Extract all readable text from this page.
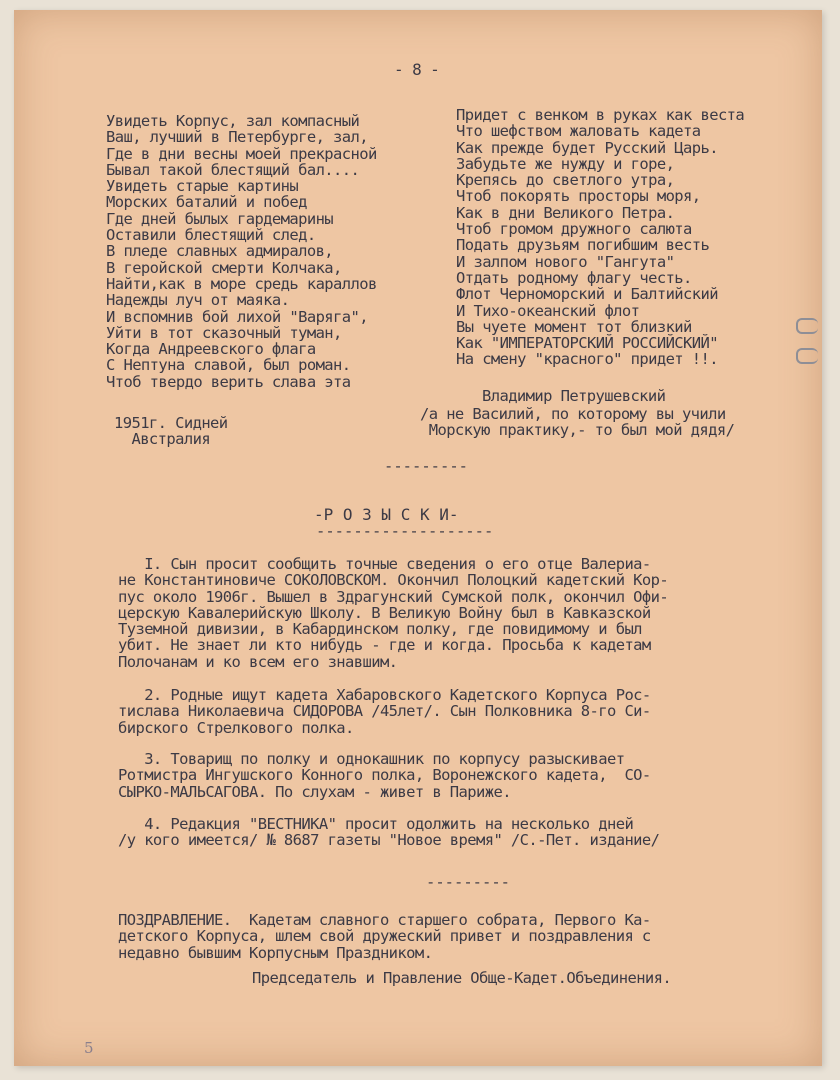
- 8 -
Увидеть Корпус, зал компасный
Ваш, лучший в Петербурге, зал,
Где в дни весны моей прекрасной
Бывал такой блестящий бал....
Увидеть старые картины
Морских баталий и побед
Где дней былых гардемарины
Оставили блестящий след.
В пледе славных адмиралов,
В геройской смерти Колчака,
Найти,как в море средь караллов
Надежды луч от маяка.
И вспомнив бой лихой "Варяга",
Уйти в тот сказочный туман,
Когда Андреевского флага
С Нептуна славой, был роман.
Чтоб твердо верить слава эта
Придет с венком в руках как веста
Что шефством жаловать кадета
Как прежде будет Русский Царь.
Забудьте же нужду и горе,
Крепясь до светлого утра,
Чтоб покорять просторы моря,
Как в дни Великого Петра.
Чтоб громом дружного салюта
Подать друзьям погибшим весть
И залпом нового "Гангута"
Отдать родному флагу честь.
Флот Черноморский и Балтийский
И Тихо-океанский флот
Вы чуете момент тот близкий
Как "ИМПЕРАТОРСКИЙ РОССИЙСКИЙ"
На смену "красного" придет !!.
Владимир Петрушевский
1951г. Сидней
Австралия
/а не Василий, по которому вы учили
Морскую практику,- то был мой дядя/
---------
-Р О З Ы С К И-
-------------------
I. Сын просит сообщить точные сведения о его отце Валериа-
не Константиновиче СОКОЛОВСКОМ. Окончил Полоцкий кадетский Кор-
пус около 1906г. Вышел в Здрагунский Сумской полк, окончил Офи-
церскую Кавалерийскую Школу. В Великую Войну был в Кавказской
Туземной дивизии, в Кабардинском полку, где повидимому и был
убит. Не знает ли кто нибудь - где и когда. Просьба к кадетам
Полочанам и ко всем его знавшим.
2. Родные ищут кадета Хабаровского Кадетского Корпуса Рос-
тислава Николаевича СИДОРОВА /45лет/. Сын Полковника 8-го Си-
бирского Стрелкового полка.
3. Товарищ по полку и однокашник по корпусу разыскивает
Ротмистра Ингушского Конного полка, Воронежского кадета,  СО-
СЫРКО-МАЛЬСАГОВА. По слухам - живет в Париже.
4. Редакция "ВЕСТНИКА" просит одолжить на несколько дней
/у кого имеется/ № 8687 газеты "Новое время" /С.-Пет. издание/
---------
ПОЗДРАВЛЕНИЕ.  Кадетам славного старшего собрата, Первого Ка-
детского Корпуса, шлем свой дружеский привет и поздравления с
недавно бывшим Корпусным Праздником.
Председатель и Правление Обще-Кадет.Объединения.
5
